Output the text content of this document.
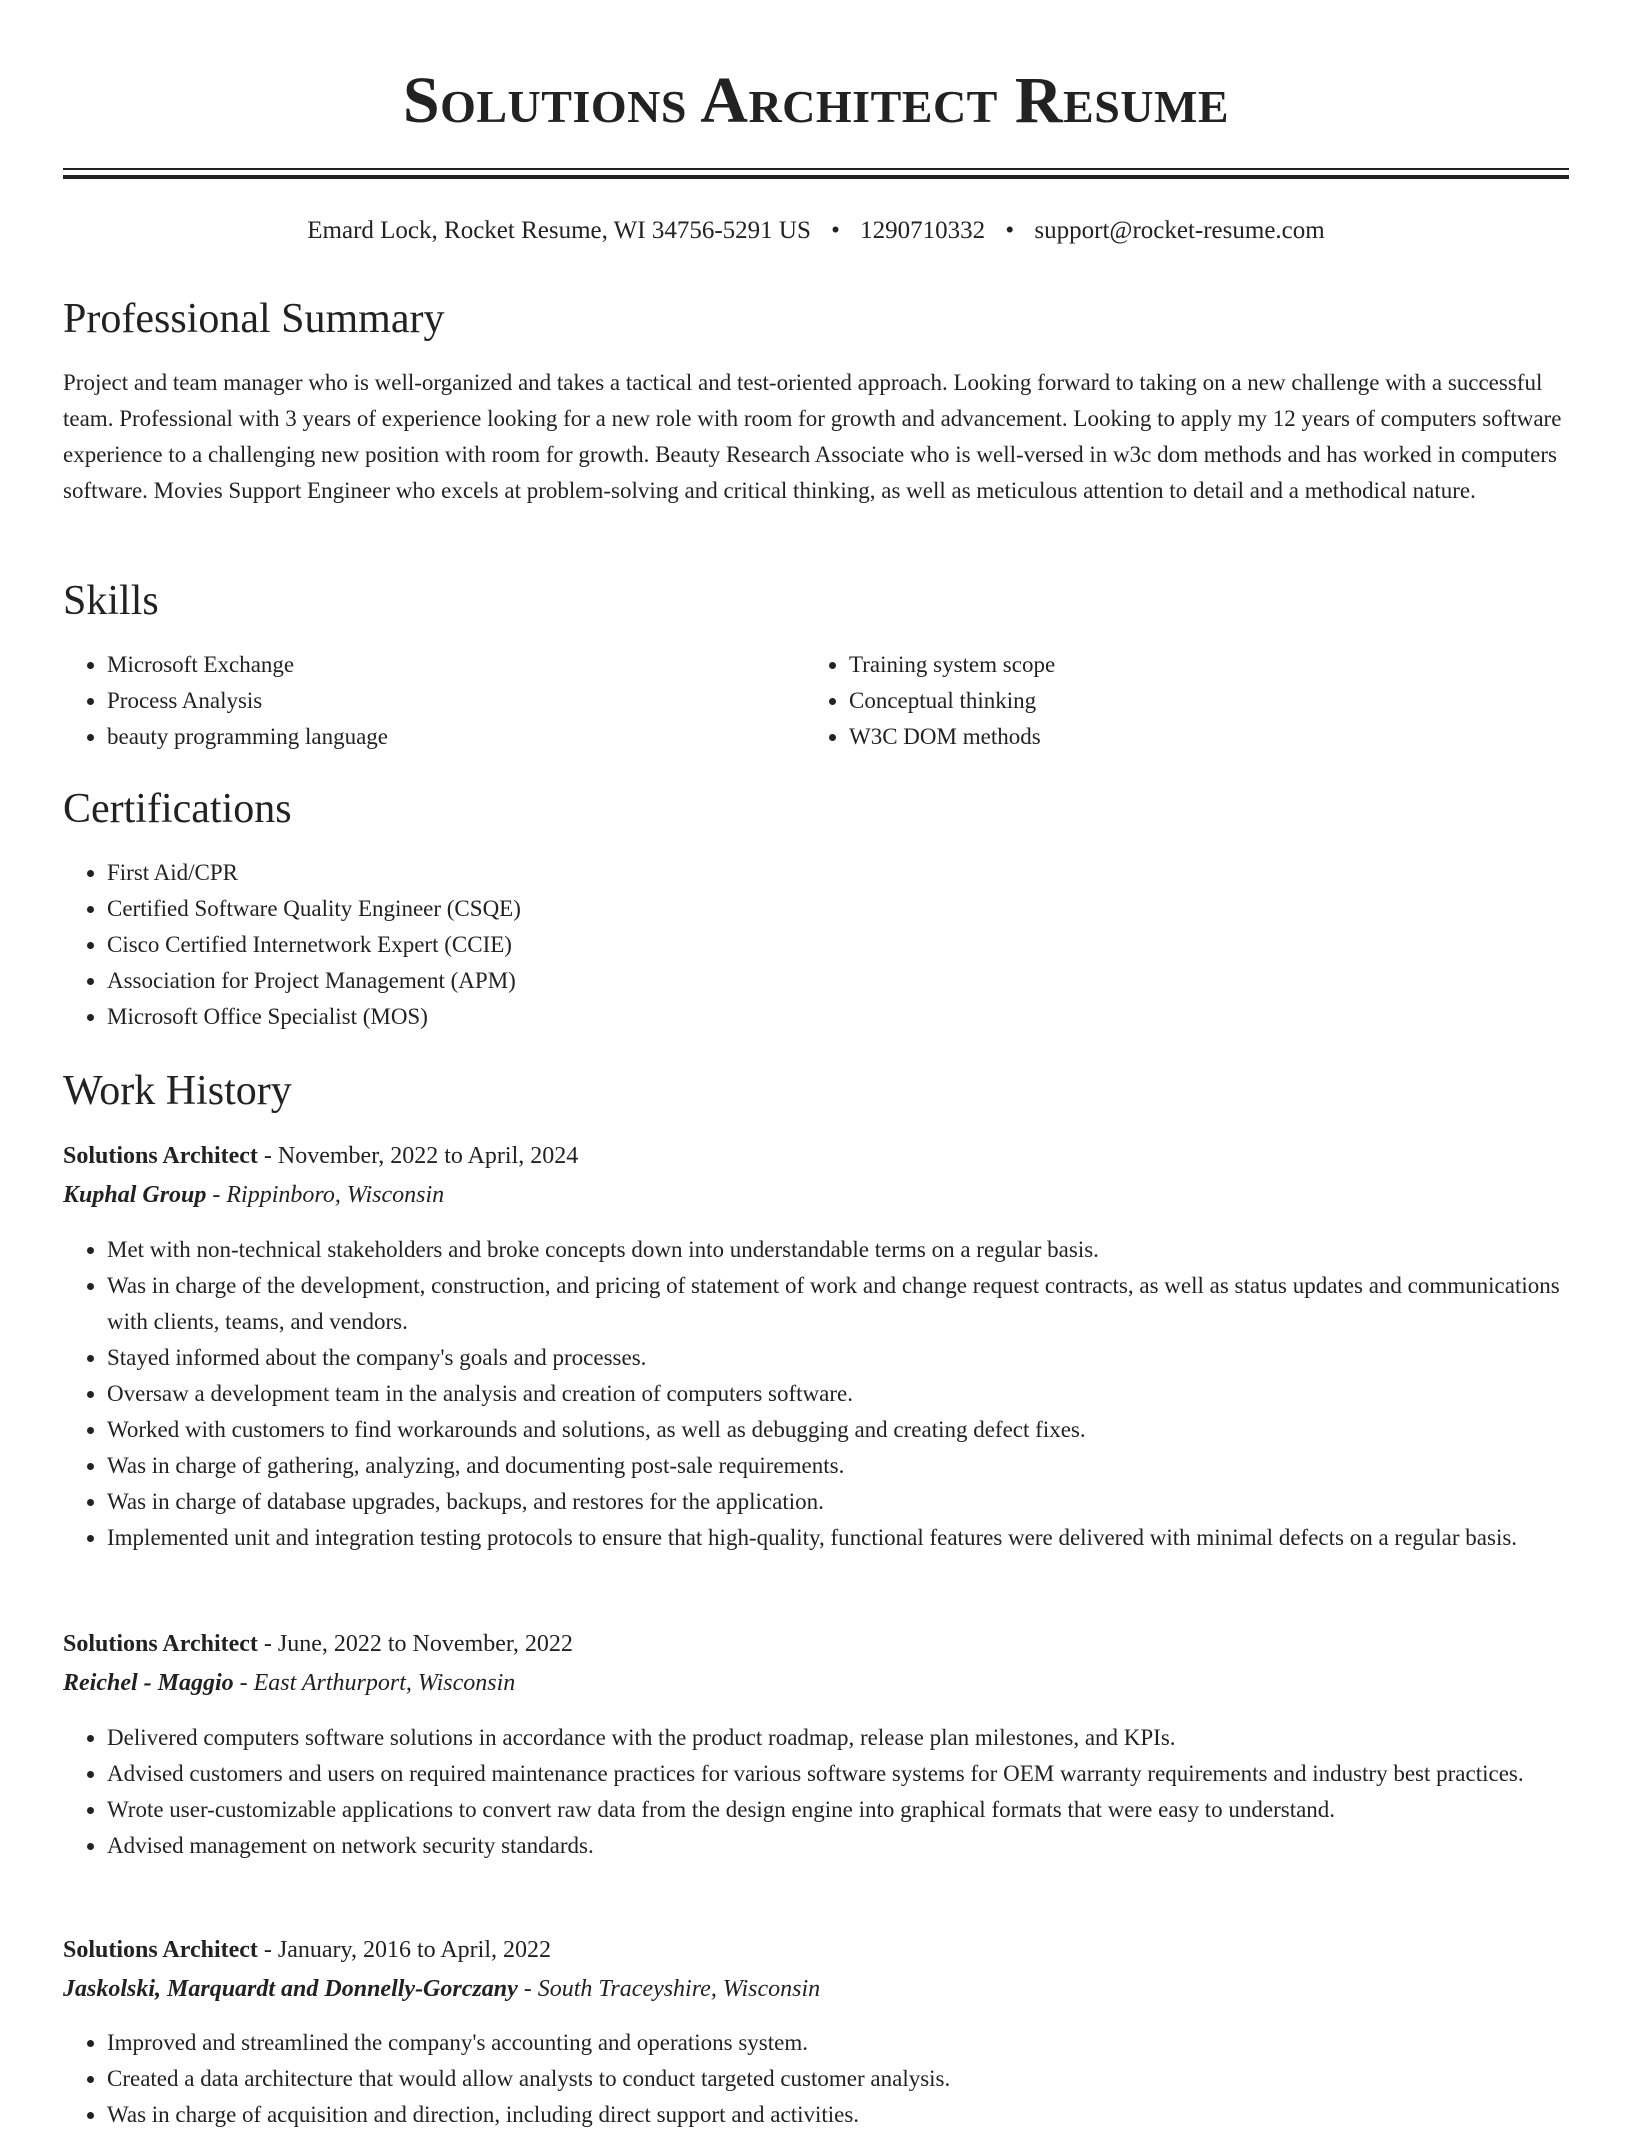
Solutions Architect Resume
Emard Lock, Rocket Resume, WI 34756-5291 US • 1290710332 • support@rocket-resume.com
Professional Summary

Project and team manager who is well-organized and takes a tactical and test-oriented approach. Looking forward to taking on a new challenge with a successful team. Professional with 3 years of experience looking for a new role with room for growth and advancement. Looking to apply my 12 years of computers software experience to a challenging new position with room for growth. Beauty Research Associate who is well-versed in w3c dom methods and has worked in computers software. Movies Support Engineer who excels at problem-solving and critical thinking, as well as meticulous attention to detail and a methodical nature.

Skills
• Microsoft Exchange
• Process Analysis
• beauty programming language
• Training system scope
• Conceptual thinking
• W3C DOM methods
Certifications
• First Aid/CPR
• Certified Software Quality Engineer (CSQE)
• Cisco Certified Internetwork Expert (CCIE)
• Association for Project Management (APM)
• Microsoft Office Specialist (MOS)
Work History
Solutions Architect - November, 2022 to April, 2024
Kuphal Group - Rippinboro, Wisconsin
• Met with non-technical stakeholders and broke concepts down into understandable terms on a regular basis.
• Was in charge of the development, construction, and pricing of statement of work and change request contracts, as well as status updates and communications with clients, teams, and vendors.
• Stayed informed about the company's goals and processes.
• Oversaw a development team in the analysis and creation of computers software.
• Worked with customers to find workarounds and solutions, as well as debugging and creating defect fixes.
• Was in charge of gathering, analyzing, and documenting post-sale requirements.
• Was in charge of database upgrades, backups, and restores for the application.
• Implemented unit and integration testing protocols to ensure that high-quality, functional features were delivered with minimal defects on a regular basis.
Solutions Architect - June, 2022 to November, 2022
Reichel - Maggio - East Arthurport, Wisconsin
• Delivered computers software solutions in accordance with the product roadmap, release plan milestones, and KPIs.
• Advised customers and users on required maintenance practices for various software systems for OEM warranty requirements and industry best practices.
• Wrote user-customizable applications to convert raw data from the design engine into graphical formats that were easy to understand.
• Advised management on network security standards.
Solutions Architect - January, 2016 to April, 2022
Jaskolski, Marquardt and Donnelly-Gorczany - South Traceyshire, Wisconsin
• Improved and streamlined the company's accounting and operations system.
• Created a data architecture that would allow analysts to conduct targeted customer analysis.
• Was in charge of acquisition and direction, including direct support and activities.
